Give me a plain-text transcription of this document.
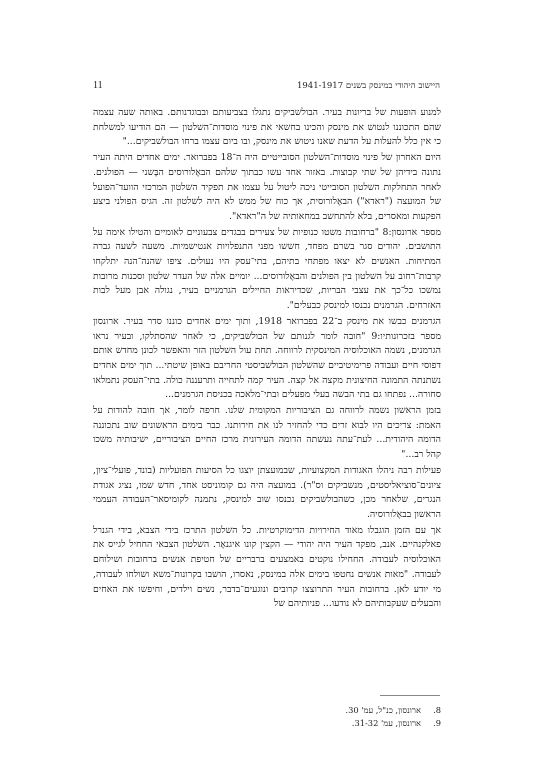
11	היישוב היהודי במינסק בשנים 1941-1917

למנוע הופעות של בריונות בעיר. הבולשביקים נתגלו בצביעותם ובבוגדנותם. באותה שעה עצמה שהם התכוננו לנטוש את מינסק והכינו בחשאי את פינוי מוסדות־השלטון — הם הודיעו למשלחת כי אין כלל להעלות על הדעת שאנו ניטוש את מינסק, ובו ביום עצמו ברחו הבולשביקים..."

היום האחרון של פינוי מוסדות־השלטון הסובייטיים היה ה־18 בפברואר. ימים אחדים היתה העיר נתונה בידיהן של שתי קבוצות. באזור אחד עשו כבתוך שלהם הבאֶלורוסים הבֶּשני — הפולנים. לאחר התחלקות השלטון הסובייטי ניכה ליטול על עצמו את תפקיד השלטון המרכזי הוועד־הפועל של המועצה ("ראדא") הבאֶלורוסית, אך כוח של ממש לא היה לשלטון זה. הגיס הפולני ביצע הפקעות ומאסרים, בלא להתחשב במחאותיה של ה"ראדא".

מספר ארונסון:8 "ברחובות משטו כנופיות של צעירים בבגדים צבעוניים לאומיים והטילו אימה על התושבים. יהודים סגר בשרם מפחד, חששו מפני התנפלויות אנטישמיות. משעה לשעה גברה המתיחות. האנשים לא יצאו מפתחי בתיהם, בתי־עסק היו נעולים. ציפו שהנה־הנה יתלקחו קרבות־רחוב על השלטון בין הפולנים והבאֶלורוסים... יומיים אלה של העדר שלטון וסכנות מרובות נמשכו כל־כך את עצבי הבריות, שכדיראות החיילים הגרמניים בעיר, נגולה אבן מעל לבות האזרחים. הגרמנים נכנסו למינסק כבעלים".

הגרמנים כבשו את מינסק ב־22 בפברואר 1918, ותוך ימים אחדים כוננו סדר בעיר. ארונסון מספר בזכרונותיו:9 "חובה לומר לגנותם של הבולשביקים, כי לאחר שהסתלקו, ובעיר נראו הגרמנים, נשמה האוכלוסיה המינסקית לרווחה. תחת עול השלטון הזר והאפשר לכונן מחדש אותם דפוסי חיים ועבודה פרימיטיביים שהשלטון הבולשביסטי החריבם באופן שיטתי... תוך ימים אחדים נשתנתה התמונה החיצונית מקצה אל קצה. העיר קמה לתחייה ותרעננה כולה. בתי־העסק נתמלאו סחורה... נפתחו גם בתי הבשה בעלי מפעלים ובתי־מלאכה בכניסת הגרמנים...

בזמן הראשון נשמה לרווחה גם הציבוריות המקומית שלנו. חרפה לומר, אך חובה להודות על האמת: צריכים היו לבוא זרים כדי להחזיר לנו את חירותנו. כבר בימים הראשונים שוב נתכוננה הדומה היהודית... לעת־עתה נעשתה הדומה העירונית מרכז החיים הציבוריים, ישיבותיה משכו קהל רב..."

פעילות רבה ניהלו האגודות המקצועיות, שבמועצתן יוצגו כל הסיעות הפועליות (בונד, פועלי־ציון, ציונים־סוציאליסטים, מנשביקים וס"ר). במועצה היה גם קומוניסט אחד, חדש שמו, נציג אגודת הנגרים, שלאחר מכן, כשהבולשביקים נכנסו שוב למינסק, נתמנה לקומיסאר־העבודה העממי הראשון בבאֶלורוסיה.

אך עם הזמן הוגבלו מאוד החירויות הדימוקרטיות. כל השלטון התרכז בידי הצבא, בידי הגנרל פאלקנהיים. אנב, מפקד העיר היה יהודי — הקצין קונו איגנאֶר. השלטון הצבאי החחיל לגייס את האוכלוסיה לעבודה. החחילו נוקטים באמצעים ברבריים של חטיפת אנשים ברחובות ושילוחם לעבודה. "מאות אנשים נחטפו בימים אלה במינסק, נאסרו, הושבו בקרונות־משא ושולחו לעבודה, מי יודע לאן. ברחובות העיר התרוצצו קרובים ונוגעים־בדבר, נשים וילדים, וחיפשו את האחים והבעלים שעקבותיהם לא נודעו... פניותיהם של

8.
ארונסון, כנ"ל, עמ' 30.
9.
ארונסון, עמ' 31-32.
